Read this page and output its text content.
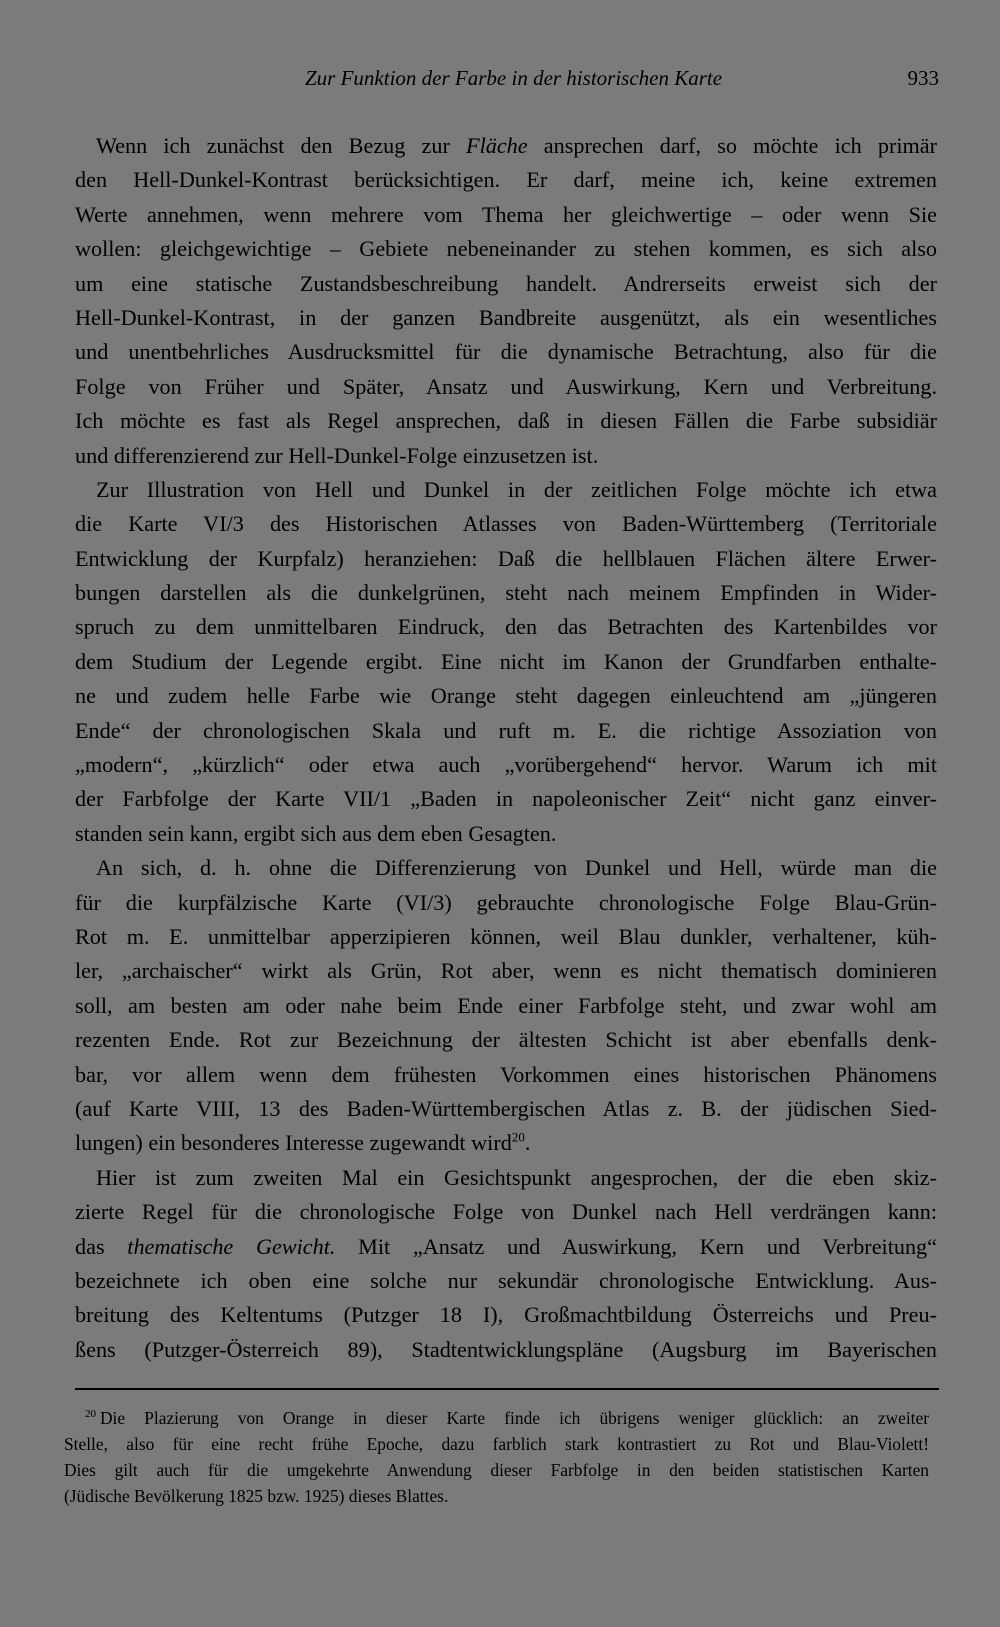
Zur Funktion der Farbe in der historischen Karte	933
Wenn ich zunächst den Bezug zur Fläche ansprechen darf, so möchte ich primär
den Hell-Dunkel-Kontrast berücksichtigen. Er darf, meine ich, keine extremen
Werte annehmen, wenn mehrere vom Thema her gleichwertige – oder wenn Sie
wollen: gleichgewichtige – Gebiete nebeneinander zu stehen kommen, es sich also
um eine statische Zustandsbeschreibung handelt. Andrerseits erweist sich der
Hell-Dunkel-Kontrast, in der ganzen Bandbreite ausgenützt, als ein wesentliches
und unentbehrliches Ausdrucksmittel für die dynamische Betrachtung, also für die
Folge von Früher und Später, Ansatz und Auswirkung, Kern und Verbreitung.
Ich möchte es fast als Regel ansprechen, daß in diesen Fällen die Farbe subsidiär
und differenzierend zur Hell-Dunkel-Folge einzusetzen ist.
Zur Illustration von Hell und Dunkel in der zeitlichen Folge möchte ich etwa
die Karte VI/3 des Historischen Atlasses von Baden-Württemberg (Territoriale
Entwicklung der Kurpfalz) heranziehen: Daß die hellblauen Flächen ältere Erwer-
bungen darstellen als die dunkelgrünen, steht nach meinem Empfinden in Wider-
spruch zu dem unmittelbaren Eindruck, den das Betrachten des Kartenbildes vor
dem Studium der Legende ergibt. Eine nicht im Kanon der Grundfarben enthalte-
ne und zudem helle Farbe wie Orange steht dagegen einleuchtend am „jüngeren
Ende“ der chronologischen Skala und ruft m. E. die richtige Assoziation von
„modern“, „kürzlich“ oder etwa auch „vorübergehend“ hervor. Warum ich mit
der Farbfolge der Karte VII/1 „Baden in napoleonischer Zeit“ nicht ganz einver-
standen sein kann, ergibt sich aus dem eben Gesagten.
An sich, d. h. ohne die Differenzierung von Dunkel und Hell, würde man die
für die kurpfälzische Karte (VI/3) gebrauchte chronologische Folge Blau-Grün-
Rot m. E. unmittelbar apperzipieren können, weil Blau dunkler, verhaltener, küh-
ler, „archaischer“ wirkt als Grün, Rot aber, wenn es nicht thematisch dominieren
soll, am besten am oder nahe beim Ende einer Farbfolge steht, und zwar wohl am
rezenten Ende. Rot zur Bezeichnung der ältesten Schicht ist aber ebenfalls denk-
bar, vor allem wenn dem frühesten Vorkommen eines historischen Phänomens
(auf Karte VIII, 13 des Baden-Württembergischen Atlas z. B. der jüdischen Sied-
lungen) ein besonderes Interesse zugewandt wird$^{20}$.
Hier ist zum zweiten Mal ein Gesichtspunkt angesprochen, der die eben skiz-
zierte Regel für die chronologische Folge von Dunkel nach Hell verdrängen kann:
das thematische Gewicht. Mit „Ansatz und Auswirkung, Kern und Verbreitung“
bezeichnete ich oben eine solche nur sekundär chronologische Entwicklung. Aus-
breitung des Keltentums (Putzger 18 I), Großmachtbildung Österreichs und Preu-
ßens (Putzger-Österreich 89), Stadtentwicklungspläne (Augsburg im Bayerischen
$^{20}$ Die Plazierung von Orange in dieser Karte finde ich übrigens weniger glücklich: an zweiter
Stelle, also für eine recht frühe Epoche, dazu farblich stark kontrastiert zu Rot und Blau-Violett!
Dies gilt auch für die umgekehrte Anwendung dieser Farbfolge in den beiden statistischen Karten
(Jüdische Bevölkerung 1825 bzw. 1925) dieses Blattes.
